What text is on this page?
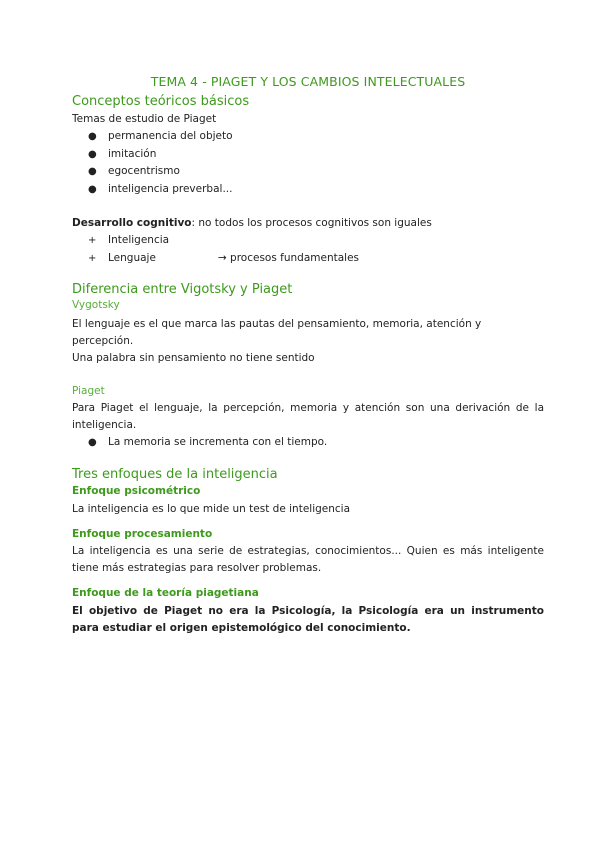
TEMA 4 - PIAGET Y LOS CAMBIOS INTELECTUALES
Conceptos teóricos básicos
Temas de estudio de Piaget
● permanencia del objeto
● imitación
● egocentrismo
● inteligencia preverbal...
Desarrollo cognitivo: no todos los procesos cognitivos son iguales
+ Inteligencia
+ Lenguaje	→ procesos fundamentales
Diferencia entre Vigotsky y Piaget
Vygotsky
El lenguaje es el que marca las pautas del pensamiento, memoria, atención y percepción.
Una palabra sin pensamiento no tiene sentido
Piaget
Para Piaget el lenguaje, la percepción, memoria y atención son una derivación de la inteligencia.
● La memoria se incrementa con el tiempo.
Tres enfoques de la inteligencia
Enfoque psicométrico
La inteligencia es lo que mide un test de inteligencia
Enfoque procesamiento
La inteligencia es una serie de estrategias, conocimientos... Quien es más inteligente tiene más estrategias para resolver problemas.
Enfoque de la teoría piagetiana
El objetivo de Piaget no era la Psicología, la Psicología era un instrumento para estudiar el origen epistemológico del conocimiento.
